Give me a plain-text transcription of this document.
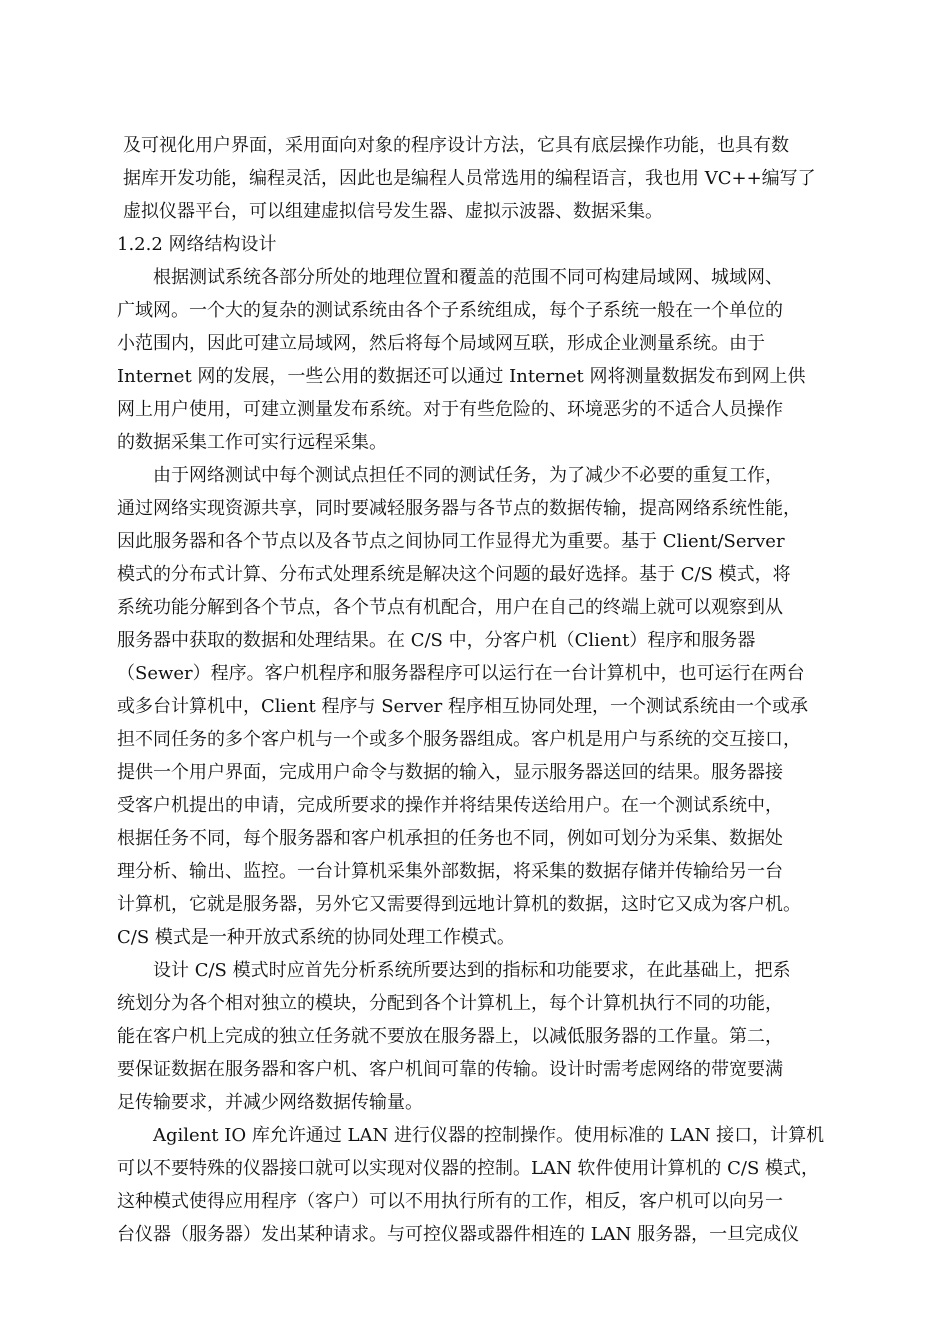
及可视化用户界面，采用面向对象的程序设计方法，它具有底层操作功能，也具有数
据库开发功能，编程灵活，因此也是编程人员常选用的编程语言，我也用 VC++编写了
虚拟仪器平台，可以组建虚拟信号发生器、虚拟示波器、数据采集。
1.2.2 网络结构设计
根据测试系统各部分所处的地理位置和覆盖的范围不同可构建局域网、城域网、
广域网。一个大的复杂的测试系统由各个子系统组成，每个子系统一般在一个单位的
小范围内，因此可建立局域网，然后将每个局域网互联，形成企业测量系统。由于
Internet 网的发展，一些公用的数据还可以通过 Internet 网将测量数据发布到网上供
网上用户使用，可建立测量发布系统。对于有些危险的、环境恶劣的不适合人员操作
的数据采集工作可实行远程采集。
由于网络测试中每个测试点担任不同的测试任务，为了减少不必要的重复工作，
通过网络实现资源共享，同时要减轻服务器与各节点的数据传输，提高网络系统性能，
因此服务器和各个节点以及各节点之间协同工作显得尤为重要。基于 Client/Server
模式的分布式计算、分布式处理系统是解决这个问题的最好选择。基于 C/S 模式，将
系统功能分解到各个节点，各个节点有机配合，用户在自己的终端上就可以观察到从
服务器中获取的数据和处理结果。在 C/S 中，分客户机（Client）程序和服务器
（Sewer）程序。客户机程序和服务器程序可以运行在一台计算机中，也可运行在两台
或多台计算机中，Client 程序与 Server 程序相互协同处理，一个测试系统由一个或承
担不同任务的多个客户机与一个或多个服务器组成。客户机是用户与系统的交互接口，
提供一个用户界面，完成用户命令与数据的输入，显示服务器送回的结果。服务器接
受客户机提出的申请，完成所要求的操作并将结果传送给用户。在一个测试系统中，
根据任务不同，每个服务器和客户机承担的任务也不同，例如可划分为采集、数据处
理分析、输出、监控。一台计算机采集外部数据，将采集的数据存储并传输给另一台
计算机，它就是服务器，另外它又需要得到远地计算机的数据，这时它又成为客户机。
C/S 模式是一种开放式系统的协同处理工作模式。
设计 C/S 模式时应首先分析系统所要达到的指标和功能要求，在此基础上，把系
统划分为各个相对独立的模块，分配到各个计算机上，每个计算机执行不同的功能，
能在客户机上完成的独立任务就不要放在服务器上，以减低服务器的工作量。第二，
要保证数据在服务器和客户机、客户机间可靠的传输。设计时需考虑网络的带宽要满
足传输要求，并减少网络数据传输量。
Agilent IO 库允许通过 LAN 进行仪器的控制操作。使用标准的 LAN 接口，计算机
可以不要特殊的仪器接口就可以实现对仪器的控制。LAN 软件使用计算机的 C/S 模式，
这种模式使得应用程序（客户）可以不用执行所有的工作，相反，客户机可以向另一
台仪器（服务器）发出某种请求。与可控仪器或器件相连的 LAN 服务器，一旦完成仪
